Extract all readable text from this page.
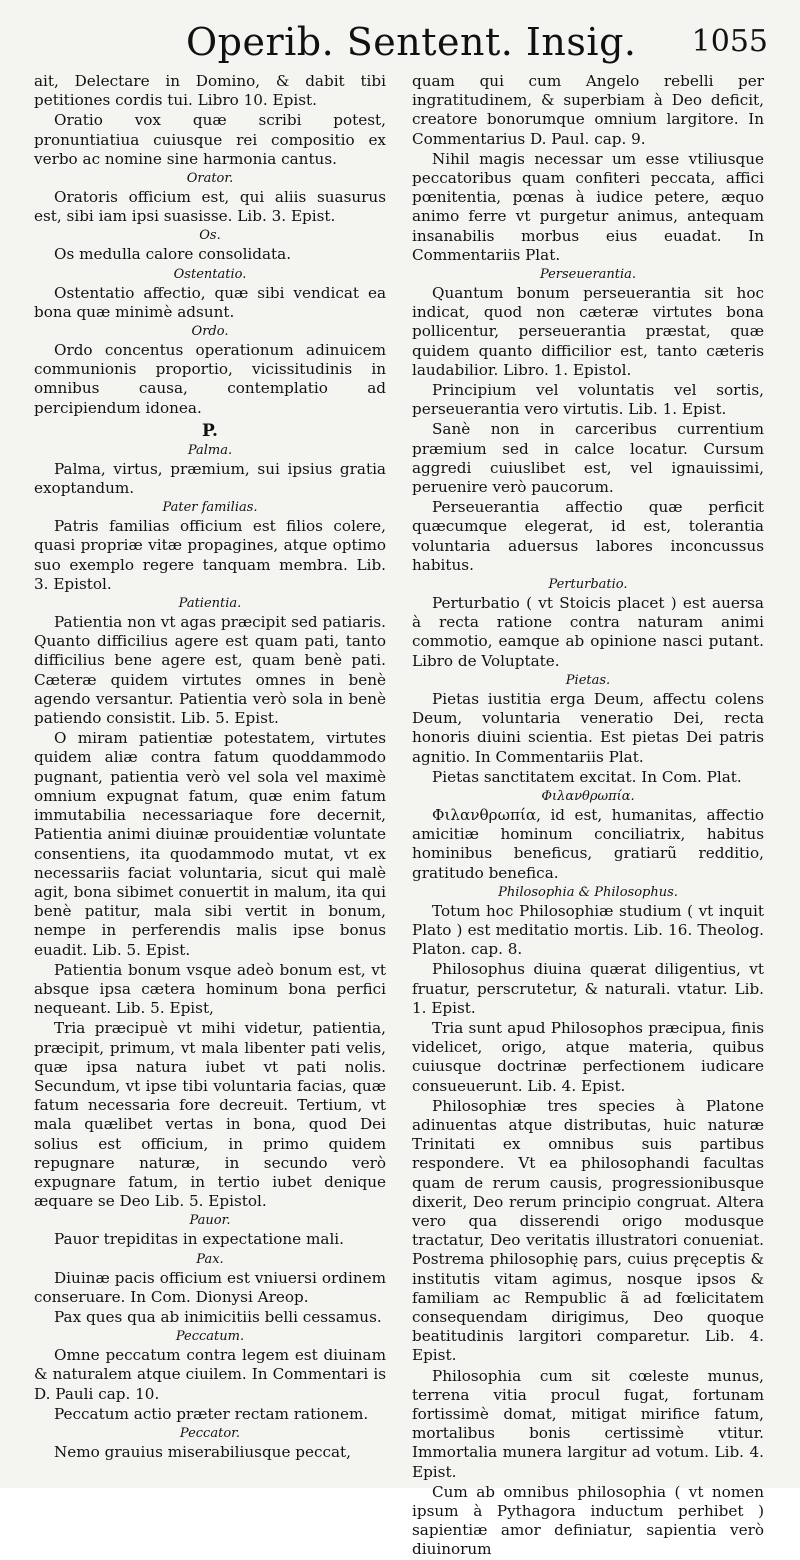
Operib. Sentent. Insig. 1055
ait, Delectare in Domino, & dabit tibi petitiones cordis tui. Libro 10. Epist.
Oratio vox quæ scribi potest, pronuntiatiua cuiusque rei compositio ex verbo ac nomine sine harmonia cantus.
Orator.
Oratoris officium est, qui aliis suasurus est, sibi iam ipsi suasisse. Lib. 3. Epist.
Os.
Os medulla calore consolidata.
Ostentatio.
Ostentatio affectio, quæ sibi vendicat ea bona quæ minimè adsunt.
Ordo.
Ordo concentus operationum adinuicem communionis proportio, vicissitudinis in omnibus causa, contemplatio ad percipiendum idonea.
P.
Palma.
Palma, virtus, præmium, sui ipsius gratia exoptandum.
Pater familias.
Patris familias officium est filios colere, quasi propriæ vitæ propagines, atque optimo suo exemplo regere tanquam membra. Lib. 3. Epistol.
Patientia.
Patientia non vt agas præcipit sed patiaris. Quanto difficilius agere est quam pati, tanto difficilius bene agere est, quam benè pati. Cæteræ quidem virtutes omnes in benè agendo versantur. Patientia verò sola in benè patiendo consistit. Lib. 5. Epist.
O miram patientiæ potestatem, virtutes quidem aliæ contra fatum quoddammodo pugnant, patientia verò vel sola vel maximè omnium expugnat fatum, quæ enim fatum immutabilia necessariaque fore decernit, Patientia animi diuinæ prouidentiæ voluntate consentiens, ita quodammodo mutat, vt ex necessariis faciat voluntaria, sicut qui malè agit, bona sibimet conuertit in malum, ita qui benè patitur, mala sibi vertit in bonum, nempe in perferendis malis ipse bonus euadit. Lib. 5. Epist.
Patientia bonum vsque adeò bonum est, vt absque ipsa cætera hominum bona perfici nequeant. Lib. 5. Epist,
Tria præcipuè vt mihi videtur, patientia, præcipit, primum, vt mala libenter pati velis, quæ ipsa natura iubet vt pati nolis. Secundum, vt ipse tibi voluntaria facias, quæ fatum necessaria fore decreuit. Tertium, vt mala quælibet vertas in bona, quod Dei solius est officium, in primo quidem repugnare naturæ, in secundo verò expugnare fatum, in tertio iubet denique æquare se Deo Lib. 5. Epistol.
Pauor.
Pauor trepiditas in expectatione mali.
Pax.
Diuinæ pacis officium est vniuersi ordinem conseruare. In Com. Dionysi Areop.
Pax ques qua ab inimicitiis belli cessamus.
Peccatum.
Omne peccatum contra legem est diuinam & naturalem atque ciuilem. In Commentari is D. Pauli cap. 10.
Peccatum actio præter rectam rationem.
Peccator.
Nemo grauius miserabiliusque peccat,
quam qui cum Angelo rebelli per ingratitudinem, & superbiam à Deo deficit, creatore bonorumque omnium largitore. In Commentarius D. Paul. cap. 9.
Nihil magis necessar um esse vtiliusque peccatoribus quam confiteri peccata, affici pœnitentia, pœnas à iudice petere, æquo animo ferre vt purgetur animus, antequam insanabilis morbus eius euadat. In Commentariis Plat.
Perseuerantia.
Quantum bonum perseuerantia sit hoc indicat, quod non cæteræ virtutes bona pollicentur, perseuerantia præstat, quæ quidem quanto difficilior est, tanto cæteris laudabilior. Libro. 1. Epistol.
Principium vel voluntatis vel sortis, perseuerantia vero virtutis. Lib. 1. Epist.
Sanè non in carceribus currentium præmium sed in calce locatur. Cursum aggredi cuiuslibet est, vel ignauissimi, peruenire verò paucorum.
Perseuerantia affectio quæ perficit quæcumque elegerat, id est, tolerantia voluntaria aduersus labores inconcussus habitus.
Perturbatio.
Perturbatio ( vt Stoicis placet ) est auersa à recta ratione contra naturam animi commotio, eamque ab opinione nasci putant. Libro de Voluptate.
Pietas.
Pietas iustitia erga Deum, affectu colens Deum, voluntaria veneratio Dei, recta honoris diuini scientia. Est pietas Dei patris agnitio. In Commentariis Plat.
Pietas sanctitatem excitat. In Com. Plat.
Φιλανθρωπία.
Φιλανθρωπία, id est, humanitas, affectio amicitiæ hominum conciliatrix, habitus hominibus beneficus, gratiarũ redditio, gratitudo benefica.
Philosophia & Philosophus.
Totum hoc Philosophiæ studium ( vt inquit Plato ) est meditatio mortis. Lib. 16. Theolog. Platon. cap. 8.
Philosophus diuina quærat diligentius, vt fruatur, perscrutetur, & naturali. vtatur. Lib. 1. Epist.
Tria sunt apud Philosophos præcipua, finis videlicet, origo, atque materia, quibus cuiusque doctrinæ perfectionem iudicare consueuerunt. Lib. 4. Epist.
Philosophiæ tres species à Platone adinuentas atque distributas, huic naturæ Trinitati ex omnibus suis partibus respondere. Vt ea philosophandi facultas quam de rerum causis, progressionibusque dixerit, Deo rerum principio congruat. Altera vero qua disserendi origo modusque tractatur, Deo veritatis illustratori conueniat. Postrema philosophię pars, cuius pręceptis & institutis vitam agimus, nosque ipsos & familiam ac Rempublic ã ad fœlicitatem consequendam dirigimus, Deo quoque beatitudinis largitori comparetur. Lib. 4. Epist.
Philosophia cum sit cœleste munus, terrena vitia procul fugat, fortunam fortissimè domat, mitigat mirifice fatum, mortalibus bonis certissimè vtitur. Immortalia munera largitur ad votum. Lib. 4. Epist.
Cum ab omnibus philosophia ( vt nomen ipsum à Pythagora inductum perhibet ) sapientiæ amor definiatur, sapientia verò diuinorum
